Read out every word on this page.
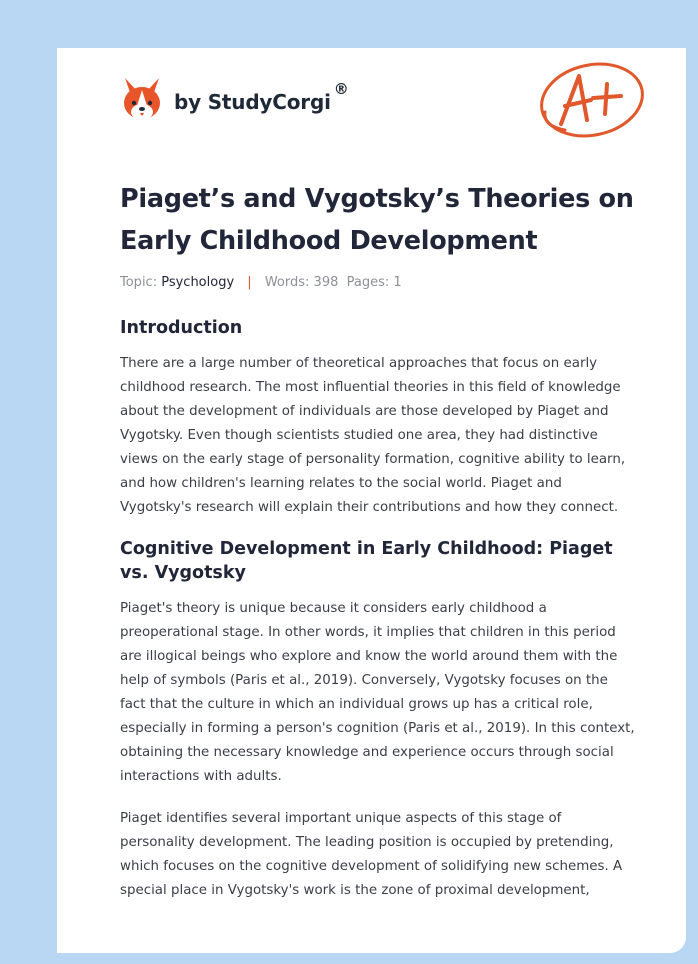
by StudyCorgi®
Piaget’s and Vygotsky’s Theories on Early Childhood Development
Topic: Psychology | Words: 398 Pages: 1
Introduction

There are a large number of theoretical approaches that focus on early childhood research. The most influential theories in this field of knowledge about the development of individuals are those developed by Piaget and Vygotsky. Even though scientists studied one area, they had distinctive views on the early stage of personality formation, cognitive ability to learn, and how children's learning relates to the social world. Piaget and Vygotsky's research will explain their contributions and how they connect.

Cognitive Development in Early Childhood: Piaget vs. Vygotsky

Piaget's theory is unique because it considers early childhood a preoperational stage. In other words, it implies that children in this period are illogical beings who explore and know the world around them with the help of symbols (Paris et al., 2019). Conversely, Vygotsky focuses on the fact that the culture in which an individual grows up has a critical role, especially in forming a person's cognition (Paris et al., 2019). In this context, obtaining the necessary knowledge and experience occurs through social interactions with adults.

Piaget identifies several important unique aspects of this stage of personality development. The leading position is occupied by pretending, which focuses on the cognitive development of solidifying new schemes. A special place in Vygotsky's work is the zone of proximal development,
